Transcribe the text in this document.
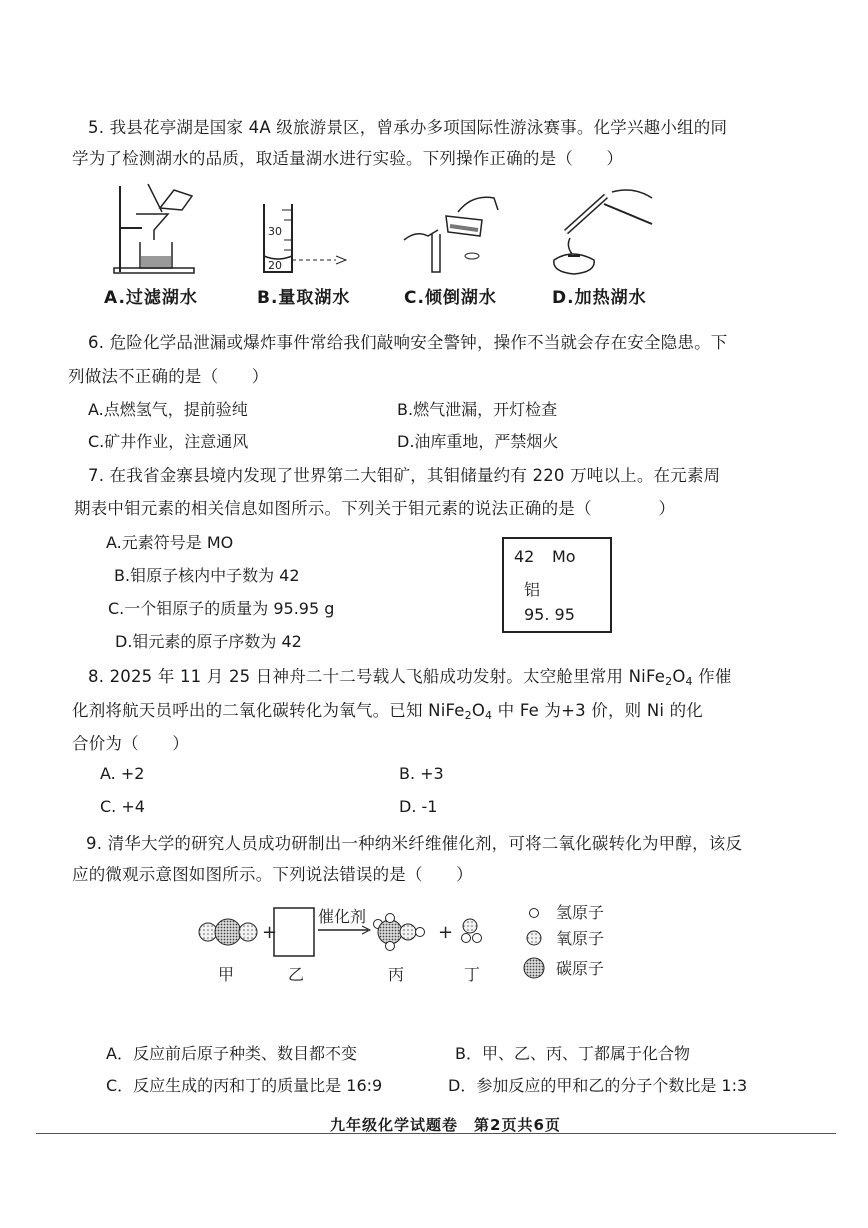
5. 我县花亭湖是国家 4A 级旅游景区，曾承办多项国际性游泳赛事。化学兴趣小组的同
学为了检测湖水的品质，取适量湖水进行实验。下列操作正确的是（　　）
A.过滤湖水
30
20
B.量取湖水	C.倾倒湖水	D.加热湖水
6. 危险化学品泄漏或爆炸事件常给我们敲响安全警钟，操作不当就会存在安全隐患。下
列做法不正确的是（　　）
A.点燃氢气，提前验纯	B.燃气泄漏，开灯检查
C.矿井作业，注意通风	D.油库重地，严禁烟火
7. 在我省金寨县境内发现了世界第二大钼矿，其钼储量约有 220 万吨以上。在元素周
期表中钼元素的相关信息如图所示。下列关于钼元素的说法正确的是（　　　　）
A.元素符号是 MO
B.钼原子核内中子数为 42
C.一个钼原子的质量为 95.95 g
D.钼元素的原子序数为 42
42 Mo
铝
95. 95
8. 2025 年 11 月 25 日神舟二十二号载人飞船成功发射。太空舱里常用 $NiFe_2O_4$ 作催
化剂将航天员呼出的二氧化碳转化为氧气。已知 $NiFe_2O_4$ 中 Fe 为+3 价，则 Ni 的化
合价为（　　）
A. +2	B. +3
C. +4	D. -1
9. 清华大学的研究人员成功研制出一种纳米纤维催化剂，可将二氧化碳转化为甲醇，该反
应的微观示意图如图所示。下列说法错误的是（　　）
+
催化剂
+
甲	乙	丙	丁
氢原子
氧原子
碳原子
A．反应前后原子种类、数目都不变	B．甲、乙、丙、丁都属于化合物
C．反应生成的丙和丁的质量比是 16:9	D．参加反应的甲和乙的分子个数比是 1:3
九年级化学试题卷　第2页共6页
